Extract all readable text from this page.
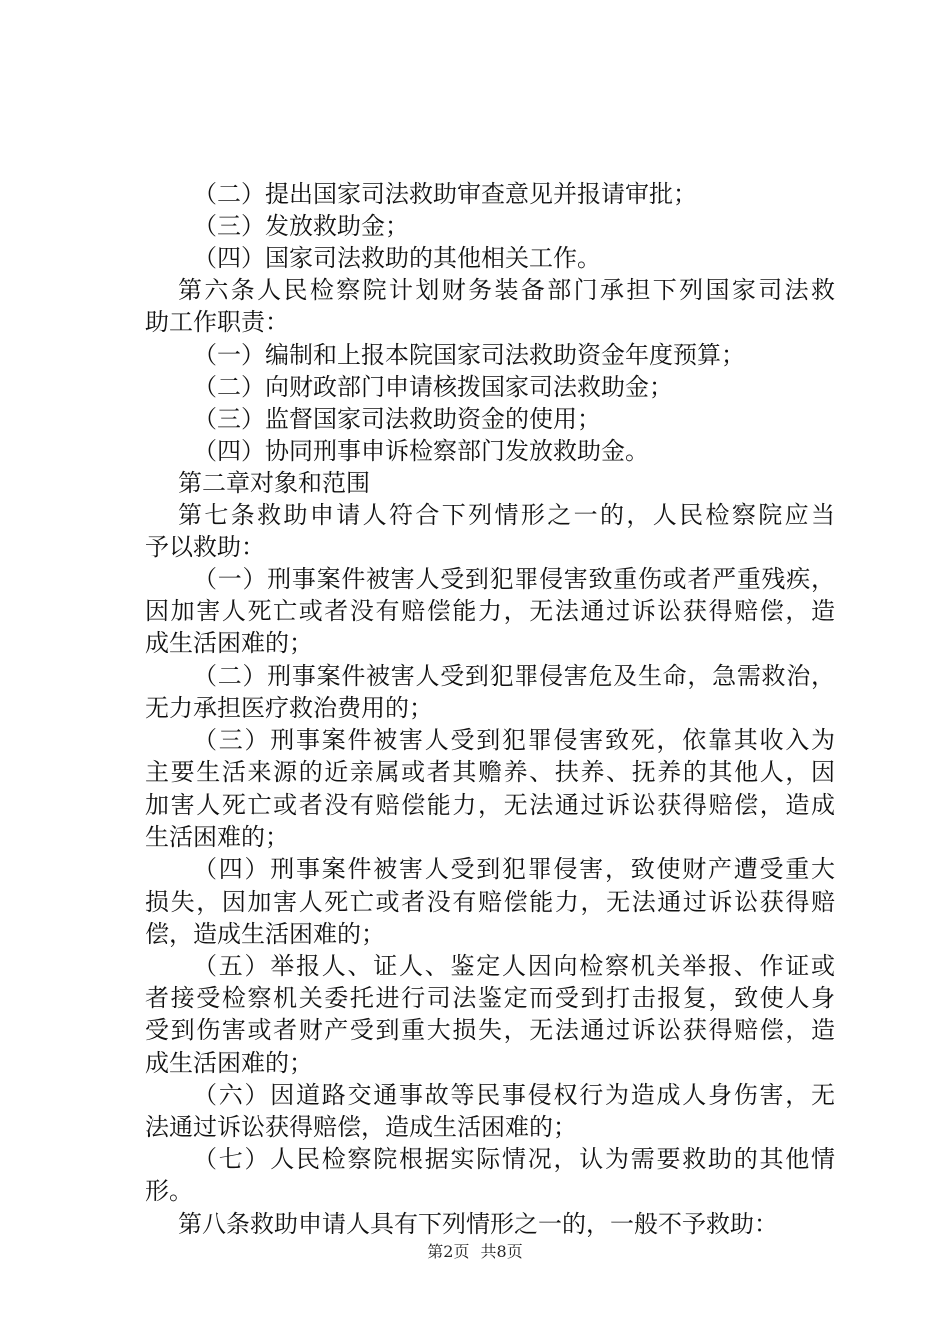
（二）提出国家司法救助审查意见并报请审批；
（三）发放救助金；
（四）国家司法救助的其他相关工作。
第六条人民检察院计划财务装备部门承担下列国家司法救
助工作职责：
（一）编制和上报本院国家司法救助资金年度预算；
（二）向财政部门申请核拨国家司法救助金；
（三）监督国家司法救助资金的使用；
（四）协同刑事申诉检察部门发放救助金。
第二章对象和范围
第七条救助申请人符合下列情形之一的，人民检察院应当
予以救助：
（一）刑事案件被害人受到犯罪侵害致重伤或者严重残疾，
因加害人死亡或者没有赔偿能力，无法通过诉讼获得赔偿，造
成生活困难的；
（二）刑事案件被害人受到犯罪侵害危及生命，急需救治，
无力承担医疗救治费用的；
（三）刑事案件被害人受到犯罪侵害致死，依靠其收入为
主要生活来源的近亲属或者其赡养、扶养、抚养的其他人，因
加害人死亡或者没有赔偿能力，无法通过诉讼获得赔偿，造成
生活困难的；
（四）刑事案件被害人受到犯罪侵害，致使财产遭受重大
损失，因加害人死亡或者没有赔偿能力，无法通过诉讼获得赔
偿，造成生活困难的；
（五）举报人、证人、鉴定人因向检察机关举报、作证或
者接受检察机关委托进行司法鉴定而受到打击报复，致使人身
受到伤害或者财产受到重大损失，无法通过诉讼获得赔偿，造
成生活困难的；
（六）因道路交通事故等民事侵权行为造成人身伤害，无
法通过诉讼获得赔偿，造成生活困难的；
（七）人民检察院根据实际情况，认为需要救助的其他情
形。
第八条救助申请人具有下列情形之一的，一般不予救助：
第2页 共8页
